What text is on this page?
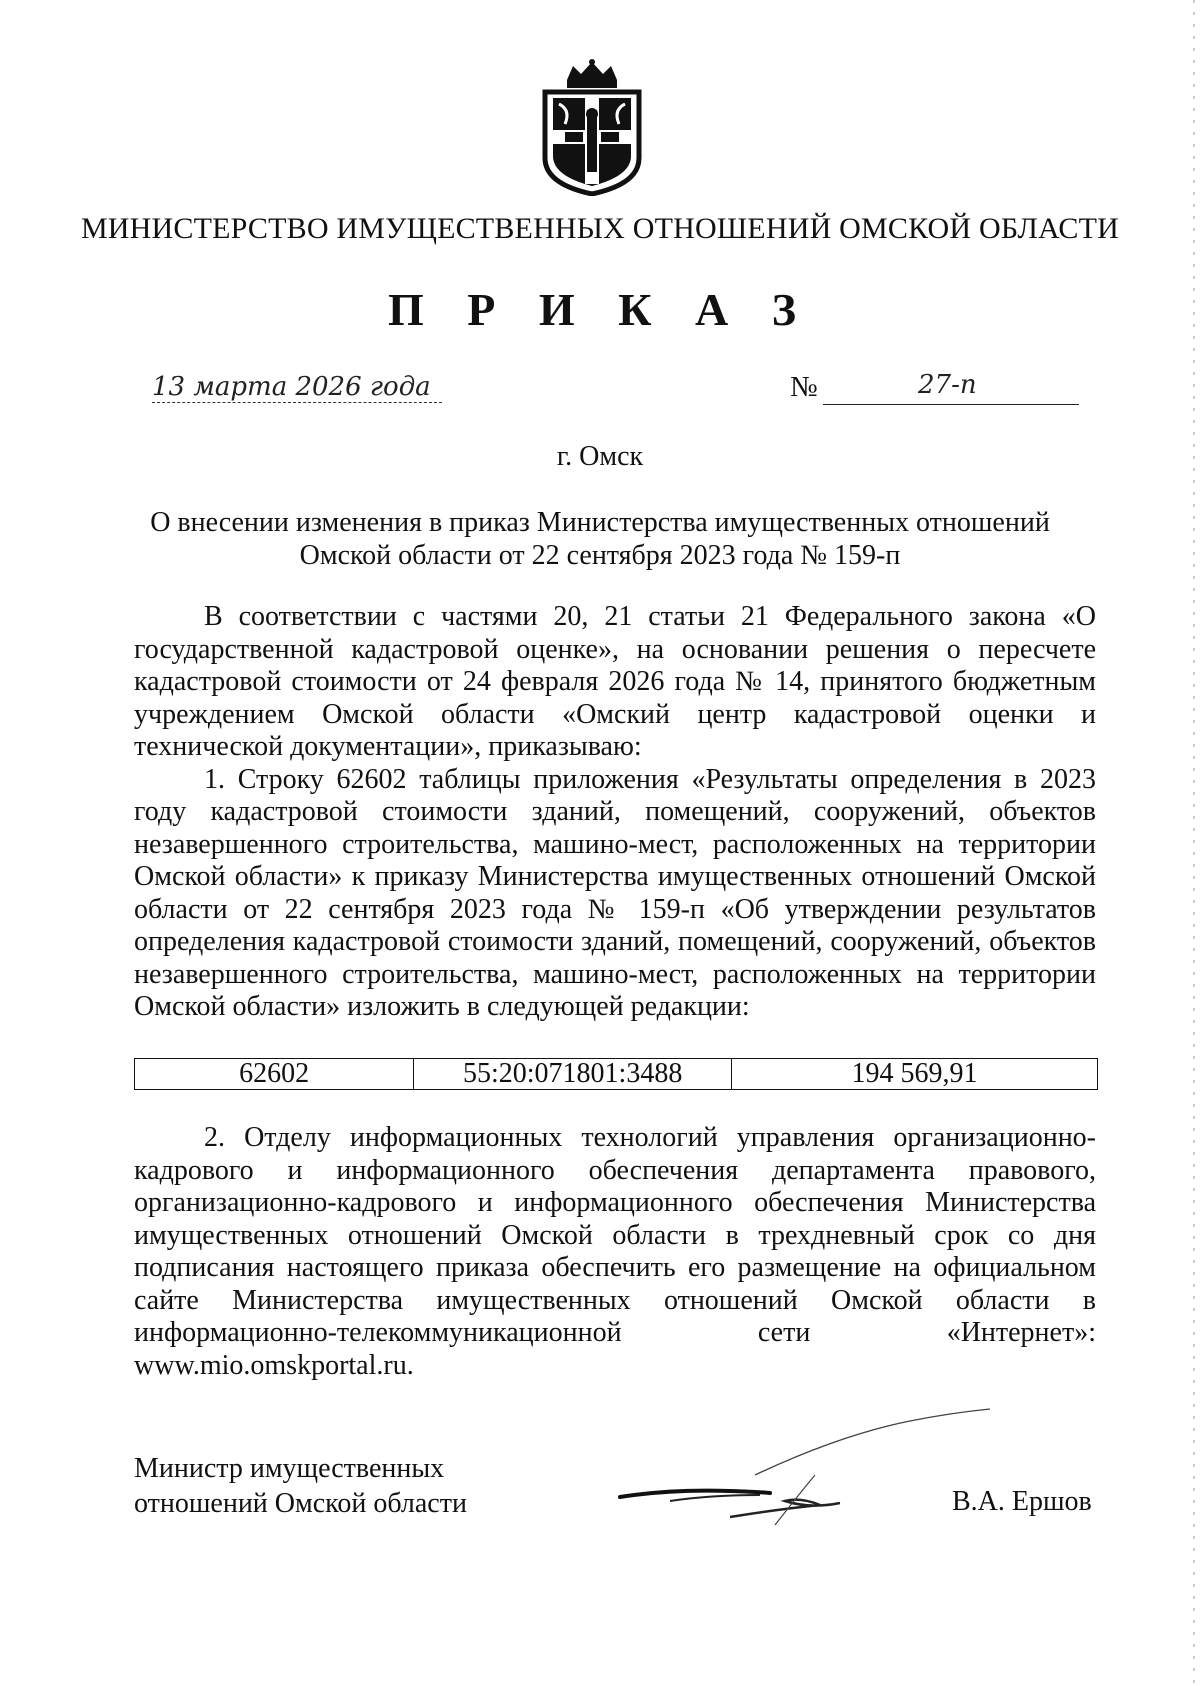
МИНИСТЕРСТВО ИМУЩЕСТВЕННЫХ ОТНОШЕНИЙ ОМСКОЙ ОБЛАСТИ
П Р И К А З
13 марта 2026 года	№	27-п
г. Омск
О внесении изменения в приказ Министерства имущественных отношений Омской области от 22 сентября 2023 года № 159-п

В соответствии с частями 20, 21 статьи 21 Федерального закона «О государственной кадастровой оценке», на основании решения о пересчете кадастровой стоимости от 24 февраля 2026 года № 14, принятого бюджетным учреждением Омской области «Омский центр кадастровой оценки и технической документации», приказываю:

1. Строку 62602 таблицы приложения «Результаты определения в 2023 году кадастровой стоимости зданий, помещений, сооружений, объектов незавершенного строительства, машино-мест, расположенных на территории Омской области» к приказу Министерства имущественных отношений Омской области от 22 сентября 2023 года № 159-п «Об утверждении результатов определения кадастровой стоимости зданий, помещений, сооружений, объектов незавершенного строительства, машино-мест, расположенных на территории Омской области» изложить в следующей редакции:

62602	55:20:071801:3488	194 569,91

2. Отделу информационных технологий управления организационно-кадрового и информационного обеспечения департамента правового, организационно-кадрового и информационного обеспечения Министерства имущественных отношений Омской области в трехдневный срок со дня подписания настоящего приказа обеспечить его размещение на официальном сайте Министерства имущественных отношений Омской области в информационно-телекоммуникационной сети «Интернет»: www.mio.omskportal.ru.

Министр имущественных
отношений Омской области	В.А. Ершов
